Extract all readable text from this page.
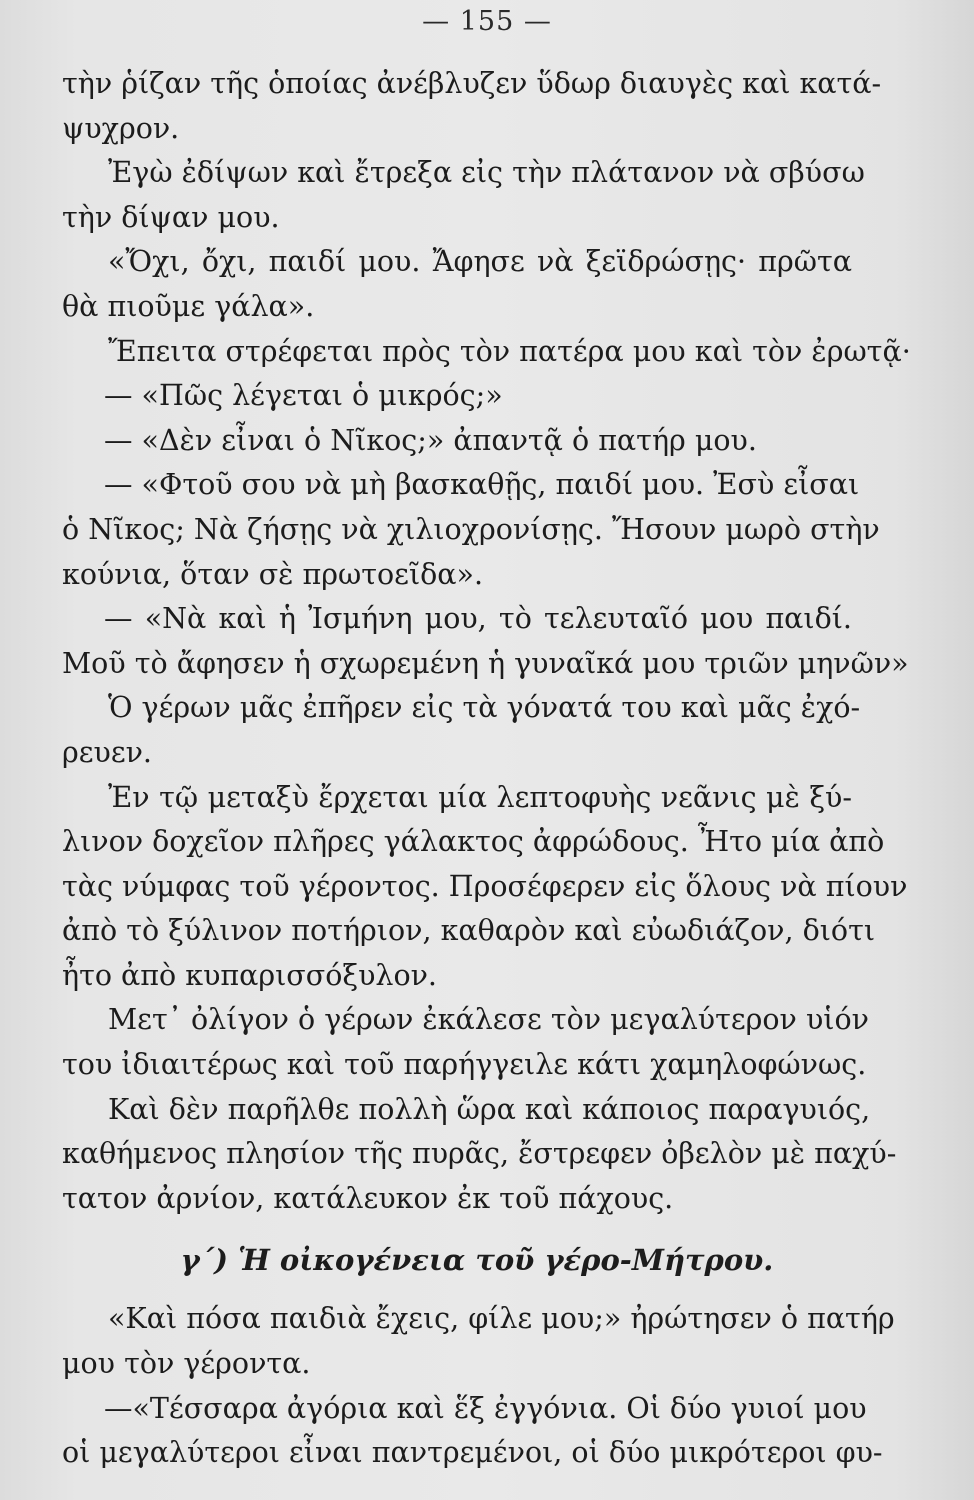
— 155 —
τὴν ῥίζαν τῆς ὁποίας ἀνέβλυζεν ὕδωρ διαυγὲς καὶ κατά-
ψυχρον.
Ἐγὼ ἐδίψων καὶ ἔτρεξα εἰς τὴν πλάτανον νὰ σβύσω
τὴν δίψαν μου.
«Ὄχι, ὄχι, παιδί μου. Ἄφησε νὰ ξεϊδρώσῃς· πρῶτα
θὰ πιοῦμε γάλα».
Ἔπειτα στρέφεται πρὸς τὸν πατέρα μου καὶ τὸν ἐρωτᾷ·
— «Πῶς λέγεται ὁ μικρός;»
— «Δὲν εἶναι ὁ Νῖκος;» ἀπαντᾷ ὁ πατήρ μου.
— «Φτοῦ σου νὰ μὴ βασκαθῇς, παιδί μου. Ἐσὺ εἶσαι
ὁ Νῖκος; Νὰ ζήσῃς νὰ χιλιοχρονίσῃς. Ἤσουν μωρὸ στὴν
κούνια, ὅταν σὲ πρωτοεῖδα».
— «Νὰ καὶ ἡ Ἰσμήνη μου, τὸ τελευταῖό μου παιδί.
Μοῦ τὸ ἄφησεν ἡ σχωρεμένη ἡ γυναῖκά μου τριῶν μηνῶν»
Ὁ γέρων μᾶς ἐπῆρεν εἰς τὰ γόνατά του καὶ μᾶς ἐχό-
ρευεν.
Ἐν τῷ μεταξὺ ἔρχεται μία λεπτοφυὴς νεᾶνις μὲ ξύ-
λινον δοχεῖον πλῆρες γάλακτος ἀφρώδους. Ἦτο μία ἀπὸ
τὰς νύμφας τοῦ γέροντος. Προσέφερεν εἰς ὅλους νὰ πίουν
ἀπὸ τὸ ξύλινον ποτήριον, καθαρὸν καὶ εὐωδιάζον, διότι
ἦτο ἀπὸ κυπαρισσόξυλον.
Μετ᾽ ὀλίγον ὁ γέρων ἐκάλεσε τὸν μεγαλύτερον υἱόν
του ἰδιαιτέρως καὶ τοῦ παρήγγειλε κάτι χαμηλοφώνως.
Καὶ δὲν παρῆλθε πολλὴ ὥρα καὶ κάποιος παραγυιός,
καθήμενος πλησίον τῆς πυρᾶς, ἔστρεφεν ὀβελὸν μὲ παχύ-
τατον ἀρνίον, κατάλευκον ἐκ τοῦ πάχους.
γ΄) Ἡ οἰκογένεια τοῦ γέρο-Μήτρου.
«Καὶ πόσα παιδιὰ ἔχεις, φίλε μου;» ἠρώτησεν ὁ πατήρ
μου τὸν γέροντα.
—«Τέσσαρα ἀγόρια καὶ ἕξ ἐγγόνια. Οἱ δύο γυιοί μου
οἱ μεγαλύτεροι εἶναι παντρεμένοι, οἱ δύο μικρότεροι φυ-
